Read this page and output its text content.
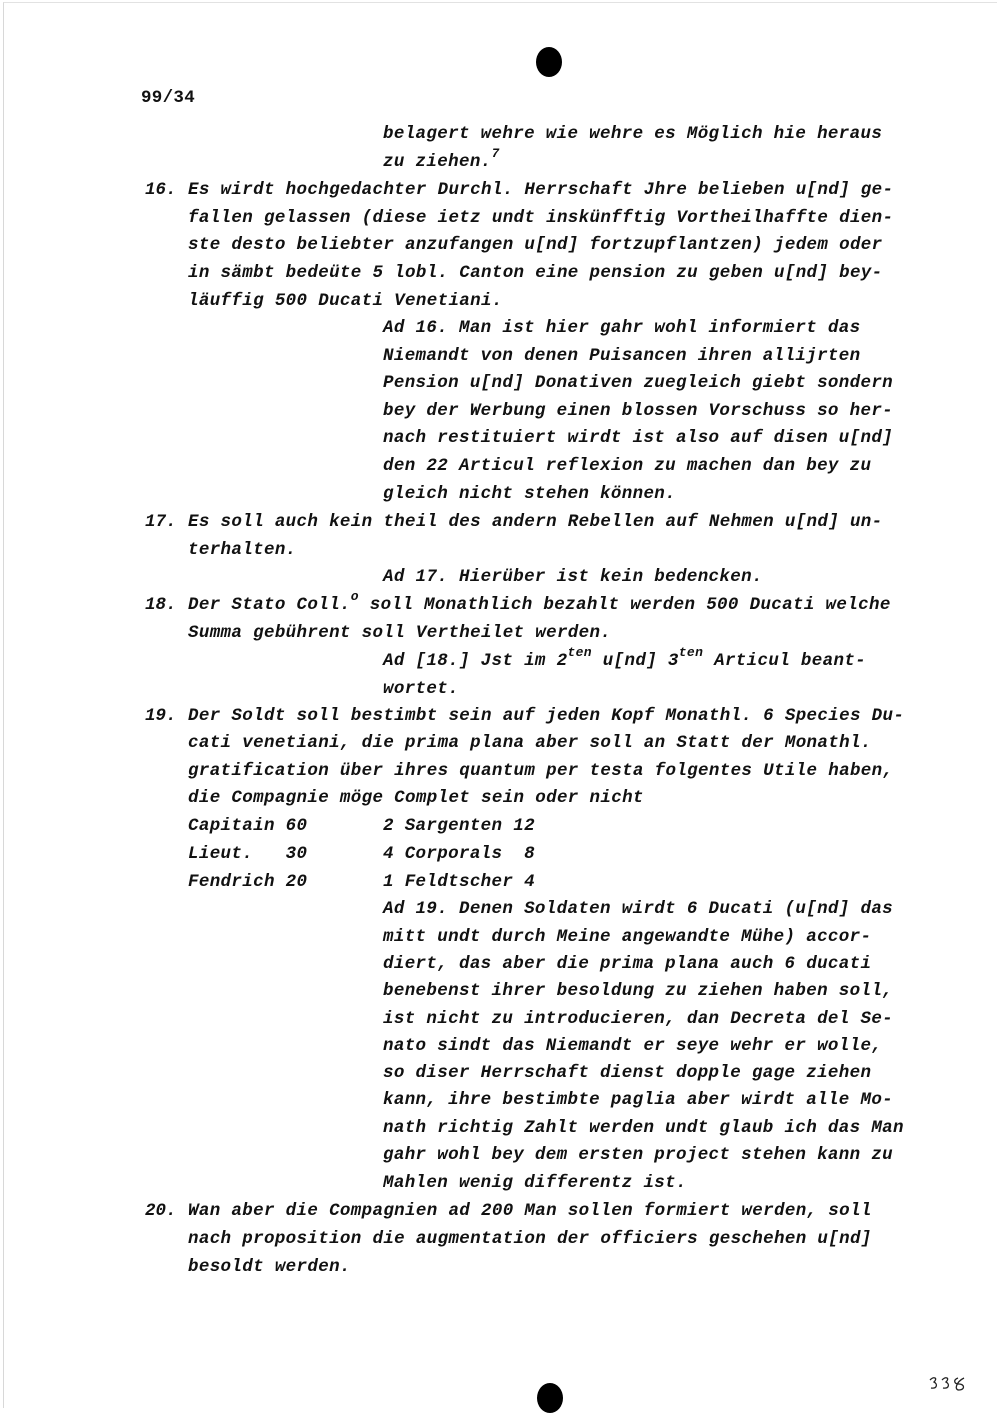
99/34
belagert wehre wie wehre es Möglich hie heraus
zu ziehen.$^7$
16. Es wirdt hochgedachter Durchl. Herrschaft Jhre belieben u[nd] ge-
fallen gelassen (diese ietz undt inskünfftig Vortheilhaffte dien-
ste desto beliebter anzufangen u[nd] fortzupflantzen) jedem oder
in sämbt bedeüte 5 lobl. Canton eine pension zu geben u[nd] bey-
läuffig 500 Ducati Venetiani.
Ad 16. Man ist hier gahr wohl informiert das
Niemandt von denen Puisancen ihren allijrten
Pension u[nd] Donativen zuegleich giebt sondern
bey der Werbung einen blossen Vorschuss so her-
nach restituiert wirdt ist also auf disen u[nd]
den 22 Articul reflexion zu machen dan bey zu
gleich nicht stehen können.
17. Es soll auch kein theil des andern Rebellen auf Nehmen u[nd] un-
terhalten.
Ad 17. Hierüber ist kein bedencken.
18. Der Stato Coll.$^o$ soll Monathlich bezahlt werden 500 Ducati welche
Summa gebührent soll Vertheilet werden.
Ad [18.] Jst im $2^{ten}$ u[nd] $3^{ten}$ Articul beant-
wortet.
19. Der Soldt soll bestimbt sein auf jeden Kopf Monathl. 6 Species Du-
cati venetiani, die prima plana aber soll an Statt der Monathl.
gratification über ihres quantum per testa folgentes Utile haben,
die Compagnie möge Complet sein oder nicht
Capitain 60	2 Sargenten 12
Lieut.   30	4 Corporals  8
Fendrich 20	1 Feldtscher 4
Ad 19. Denen Soldaten wirdt 6 Ducati (u[nd] das
mitt undt durch Meine angewandte Mühe) accor-
diert, das aber die prima plana auch 6 ducati
benebenst ihrer besoldung zu ziehen haben soll,
ist nicht zu introducieren, dan Decreta del Se-
nato sindt das Niemandt er seye wehr er wolle,
so diser Herrschaft dienst dopple gage ziehen
kann, ihre bestimbte paglia aber wirdt alle Mo-
nath richtig Zahlt werden undt glaub ich das Man
gahr wohl bey dem ersten project stehen kann zu
Mahlen wenig differentz ist.
20. Wan aber die Compagnien ad 200 Man sollen formiert werden, soll
nach proposition die augmentation der officiers geschehen u[nd]
besoldt werden.
